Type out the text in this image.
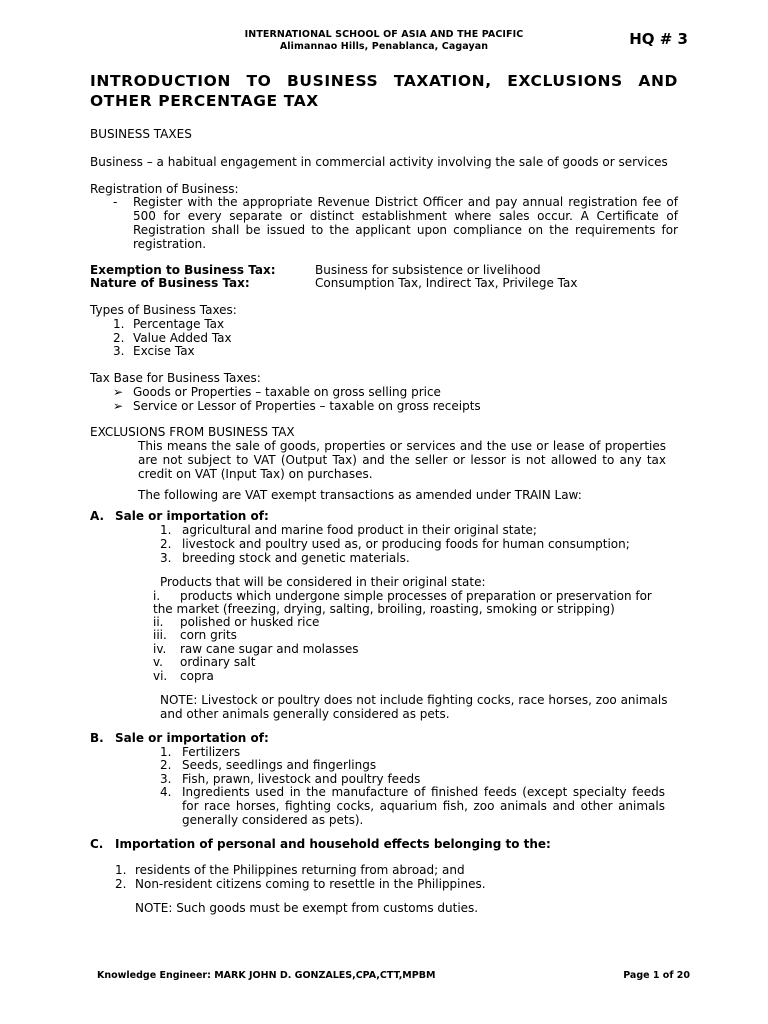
INTERNATIONAL SCHOOL OF ASIA AND THE PACIFIC
Alimannao Hills, Penablanca, Cagayan	HQ # 3
INTRODUCTION TO BUSINESS TAXATION, EXCLUSIONS AND
OTHER PERCENTAGE TAX
BUSINESS TAXES
Business – a habitual engagement in commercial activity involving the sale of goods or services
Registration of Business:
- Register with the appropriate Revenue District Officer and pay annual registration fee of
500 for every separate or distinct establishment where sales occur. A Certificate of
Registration shall be issued to the applicant upon compliance on the requirements for
registration.
Exemption to Business Tax:	Business for subsistence or livelihood
Nature of Business Tax:	Consumption Tax, Indirect Tax, Privilege Tax
Types of Business Taxes:
1. Percentage Tax
2. Value Added Tax
3. Excise Tax
Tax Base for Business Taxes:
➢ Goods or Properties – taxable on gross selling price
➢ Service or Lessor of Properties – taxable on gross receipts
EXCLUSIONS FROM BUSINESS TAX
This means the sale of goods, properties or services and the use or lease of properties
are not subject to VAT (Output Tax) and the seller or lessor is not allowed to any tax
credit on VAT (Input Tax) on purchases.
The following are VAT exempt transactions as amended under TRAIN Law:
A. Sale or importation of:
1. agricultural and marine food product in their original state;
2. livestock and poultry used as, or producing foods for human consumption;
3. breeding stock and genetic materials.
Products that will be considered in their original state:
i. products which undergone simple processes of preparation or preservation for
the market (freezing, drying, salting, broiling, roasting, smoking or stripping)
ii. polished or husked rice
iii. corn grits
iv. raw cane sugar and molasses
v. ordinary salt
vi. copra
NOTE: Livestock or poultry does not include fighting cocks, race horses, zoo animals
and other animals generally considered as pets.
B. Sale or importation of:
1. Fertilizers
2. Seeds, seedlings and fingerlings
3. Fish, prawn, livestock and poultry feeds
4. Ingredients used in the manufacture of finished feeds (except specialty feeds
for race horses, fighting cocks, aquarium fish, zoo animals and other animals
generally considered as pets).
C. Importation of personal and household effects belonging to the:
1. residents of the Philippines returning from abroad; and
2. Non-resident citizens coming to resettle in the Philippines.
NOTE: Such goods must be exempt from customs duties.
Knowledge Engineer: MARK JOHN D. GONZALES,CPA,CTT,MPBM	Page 1 of 20
